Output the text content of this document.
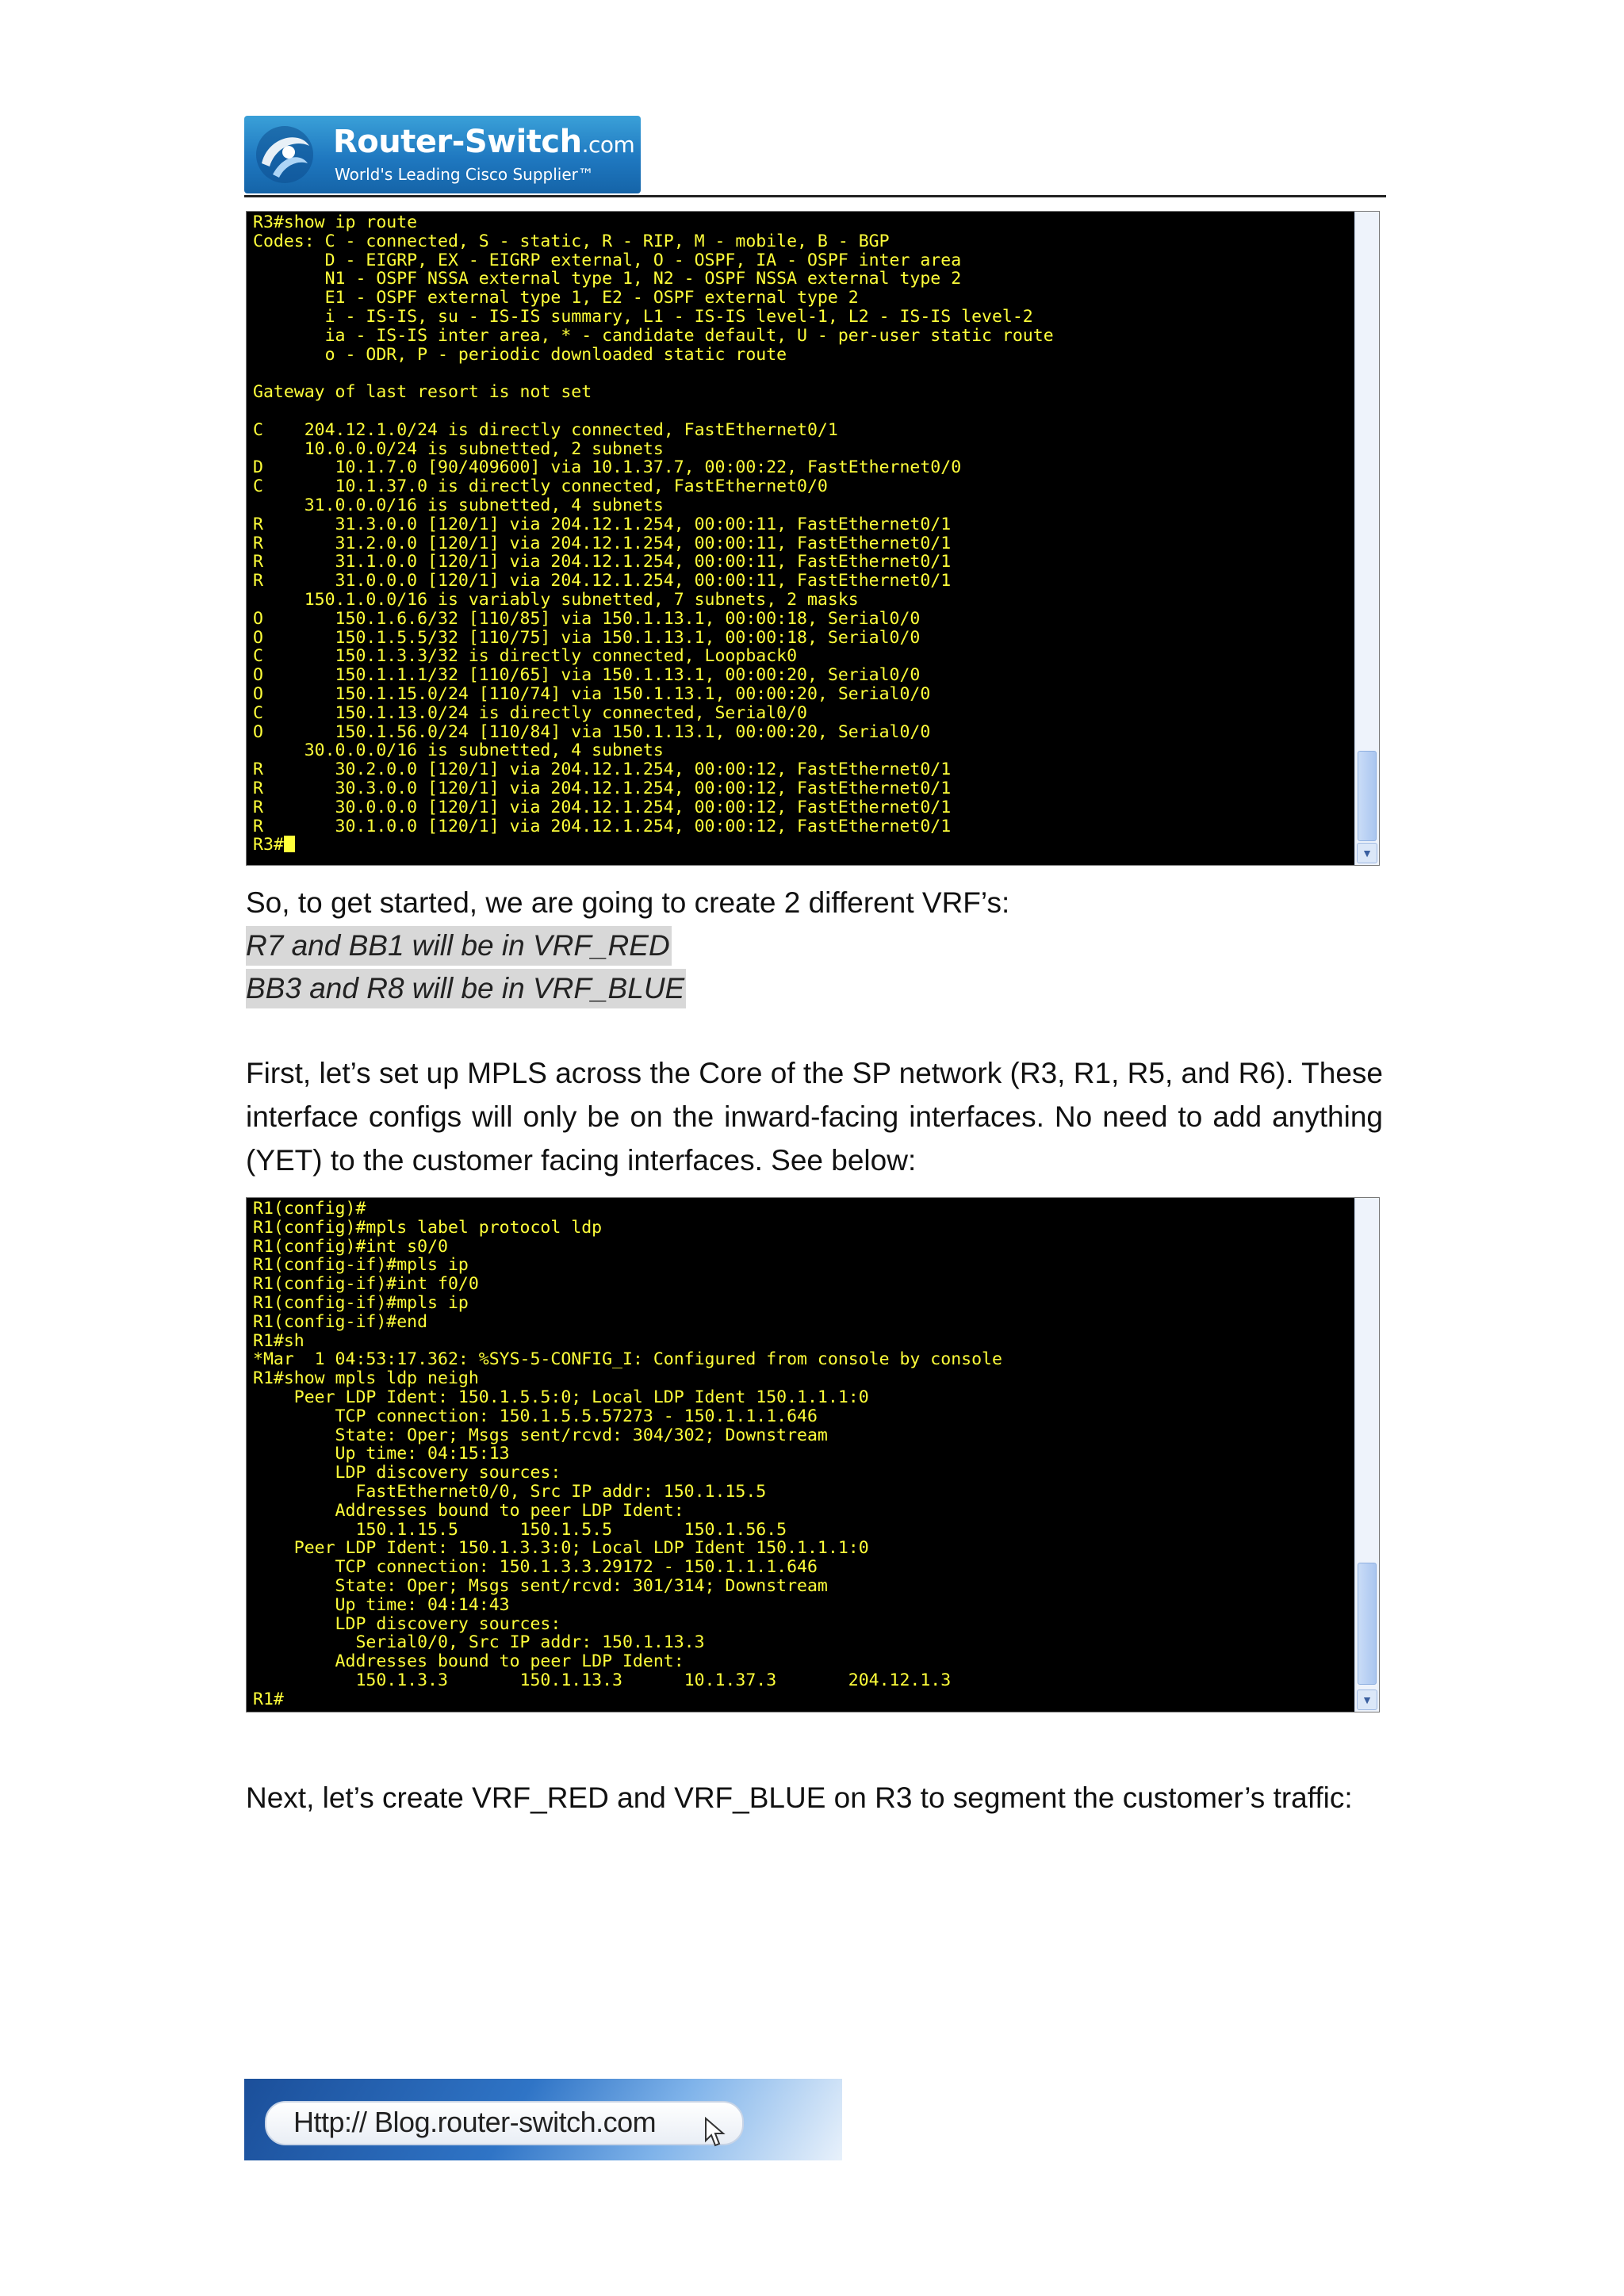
Router-Switch.com
World's Leading Cisco Supplier™
R3#show ip route
Codes: C - connected, S - static, R - RIP, M - mobile, B - BGP
D - EIGRP, EX - EIGRP external, O - OSPF, IA - OSPF inter area
N1 - OSPF NSSA external type 1, N2 - OSPF NSSA external type 2
E1 - OSPF external type 1, E2 - OSPF external type 2
i - IS-IS, su - IS-IS summary, L1 - IS-IS level-1, L2 - IS-IS level-2
ia - IS-IS inter area, * - candidate default, U - per-user static route
o - ODR, P - periodic downloaded static route

Gateway of last resort is not set

C    204.12.1.0/24 is directly connected, FastEthernet0/1
10.0.0.0/24 is subnetted, 2 subnets
D       10.1.7.0 [90/409600] via 10.1.37.7, 00:00:22, FastEthernet0/0
C       10.1.37.0 is directly connected, FastEthernet0/0
31.0.0.0/16 is subnetted, 4 subnets
R       31.3.0.0 [120/1] via 204.12.1.254, 00:00:11, FastEthernet0/1
R       31.2.0.0 [120/1] via 204.12.1.254, 00:00:11, FastEthernet0/1
R       31.1.0.0 [120/1] via 204.12.1.254, 00:00:11, FastEthernet0/1
R       31.0.0.0 [120/1] via 204.12.1.254, 00:00:11, FastEthernet0/1
150.1.0.0/16 is variably subnetted, 7 subnets, 2 masks
O       150.1.6.6/32 [110/85] via 150.1.13.1, 00:00:18, Serial0/0
O       150.1.5.5/32 [110/75] via 150.1.13.1, 00:00:18, Serial0/0
C       150.1.3.3/32 is directly connected, Loopback0
O       150.1.1.1/32 [110/65] via 150.1.13.1, 00:00:20, Serial0/0
O       150.1.15.0/24 [110/74] via 150.1.13.1, 00:00:20, Serial0/0
C       150.1.13.0/24 is directly connected, Serial0/0
O       150.1.56.0/24 [110/84] via 150.1.13.1, 00:00:20, Serial0/0
30.0.0.0/16 is subnetted, 4 subnets
R       30.2.0.0 [120/1] via 204.12.1.254, 00:00:12, FastEthernet0/1
R       30.3.0.0 [120/1] via 204.12.1.254, 00:00:12, FastEthernet0/1
R       30.0.0.0 [120/1] via 204.12.1.254, 00:00:12, FastEthernet0/1
R       30.1.0.0 [120/1] via 204.12.1.254, 00:00:12, FastEthernet0/1
R3#	▼
So, to get started, we are going to create 2 different VRF’s:
R7 and BB1 will be in VRF_RED
BB3 and R8 will be in VRF_BLUE
First, let’s set up MPLS across the Core of the SP network (R3, R1, R5, and R6). These interface configs will only be on the inward-facing interfaces. No need to add anything (YET) to the customer facing interfaces. See below:
R1(config)#
R1(config)#mpls label protocol ldp
R1(config)#int s0/0
R1(config-if)#mpls ip
R1(config-if)#int f0/0
R1(config-if)#mpls ip
R1(config-if)#end
R1#sh
*Mar  1 04:53:17.362: %SYS-5-CONFIG_I: Configured from console by console
R1#show mpls ldp neigh
Peer LDP Ident: 150.1.5.5:0; Local LDP Ident 150.1.1.1:0
TCP connection: 150.1.5.5.57273 - 150.1.1.1.646
State: Oper; Msgs sent/rcvd: 304/302; Downstream
Up time: 04:15:13
LDP discovery sources:
FastEthernet0/0, Src IP addr: 150.1.15.5
Addresses bound to peer LDP Ident:
150.1.15.5      150.1.5.5       150.1.56.5
Peer LDP Ident: 150.1.3.3:0; Local LDP Ident 150.1.1.1:0
TCP connection: 150.1.3.3.29172 - 150.1.1.1.646
State: Oper; Msgs sent/rcvd: 301/314; Downstream
Up time: 04:14:43
LDP discovery sources:
Serial0/0, Src IP addr: 150.1.13.3
Addresses bound to peer LDP Ident:
150.1.3.3       150.1.13.3      10.1.37.3       204.12.1.3
R1#	▼
Next, let’s create VRF_RED and VRF_BLUE on R3 to segment the customer’s traffic:
Http:// Blog.router-switch.com
